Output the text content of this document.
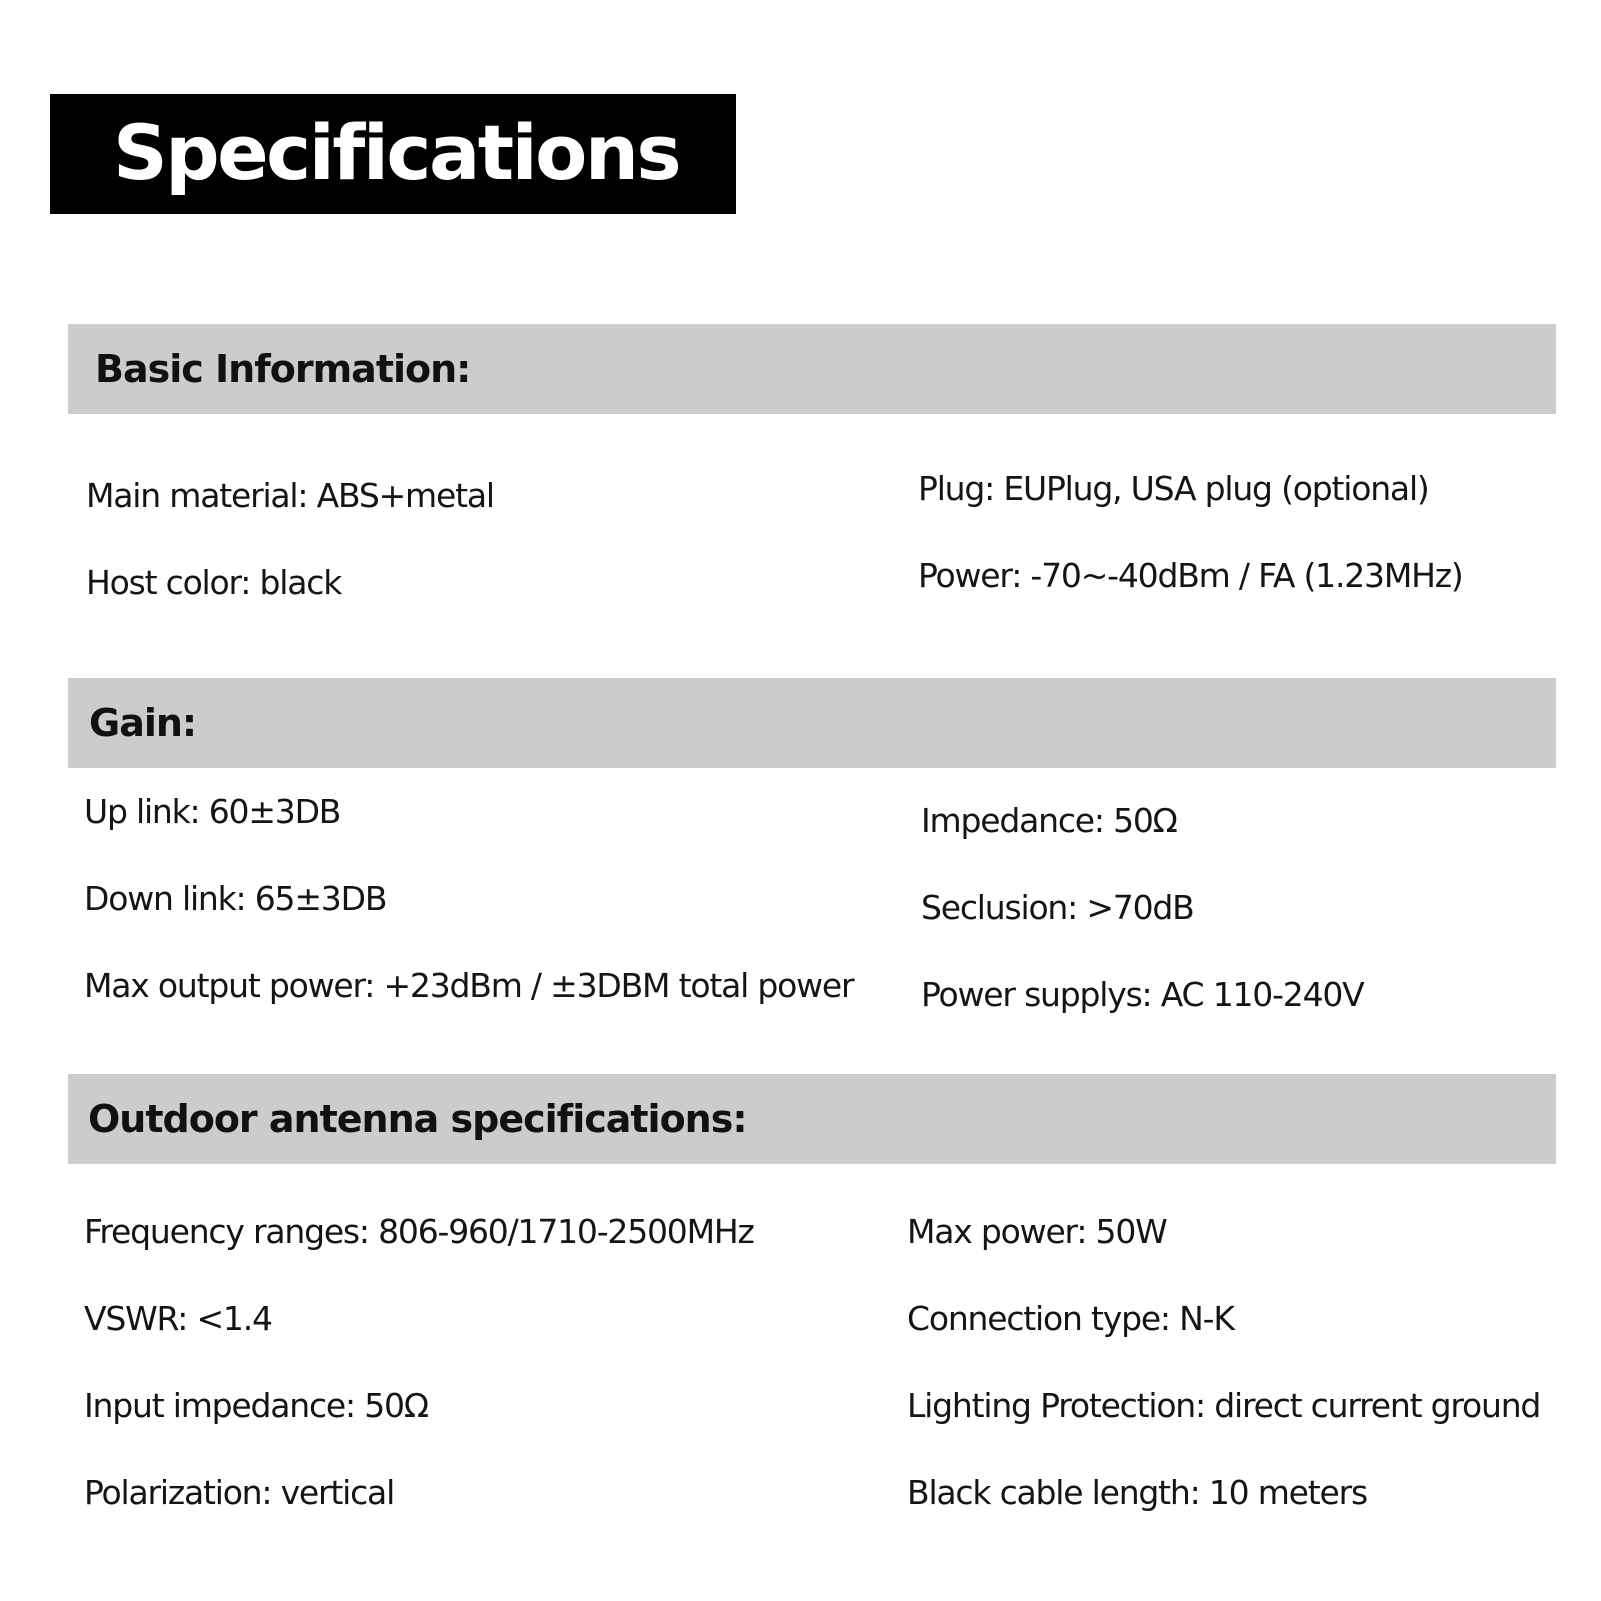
Specifications
Basic Information:
Main material: ABS+metal
Host color: black
Plug: EUPlug, USA plug (optional)
Power: -70~-40dBm / FA (1.23MHz)
Gain:
Up link: 60±3DB
Down link: 65±3DB
Max output power: +23dBm / ±3DBM total power
Impedance: 50Ω
Seclusion: >70dB
Power supplys: AC 110-240V
Outdoor antenna specifications:
Frequency ranges: 806-960/1710-2500MHz
VSWR: <1.4
Input impedance: 50Ω
Polarization: vertical
Max power: 50W
Connection type: N-K
Lighting Protection: direct current ground
Black cable length: 10 meters
